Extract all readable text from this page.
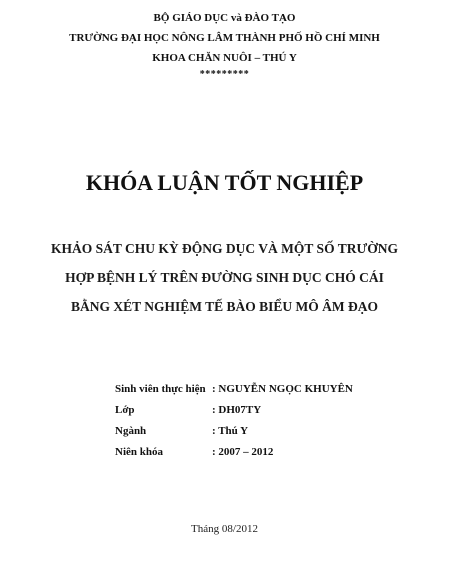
BỘ GIÁO DỤC và ĐÀO TẠO
TRƯỜNG ĐẠI HỌC NÔNG LÂM THÀNH PHỐ HỒ CHÍ MINH
KHOA CHĂN NUÔI – THÚ Y
*********
KHÓA LUẬN TỐT NGHIỆP
KHẢO SÁT CHU KỲ ĐỘNG DỤC VÀ MỘT SỐ TRƯỜNG
HỢP BỆNH LÝ TRÊN ĐƯỜNG SINH DỤC CHÓ CÁI
BẰNG XÉT NGHIỆM TẾ BÀO BIỂU MÔ ÂM ĐẠO
Sinh viên thực hiện : NGUYỄN NGỌC KHUYÊN
Lớp	: DH07TY
Ngành	: Thú Y
Niên khóa	: 2007 – 2012
Tháng 08/2012
